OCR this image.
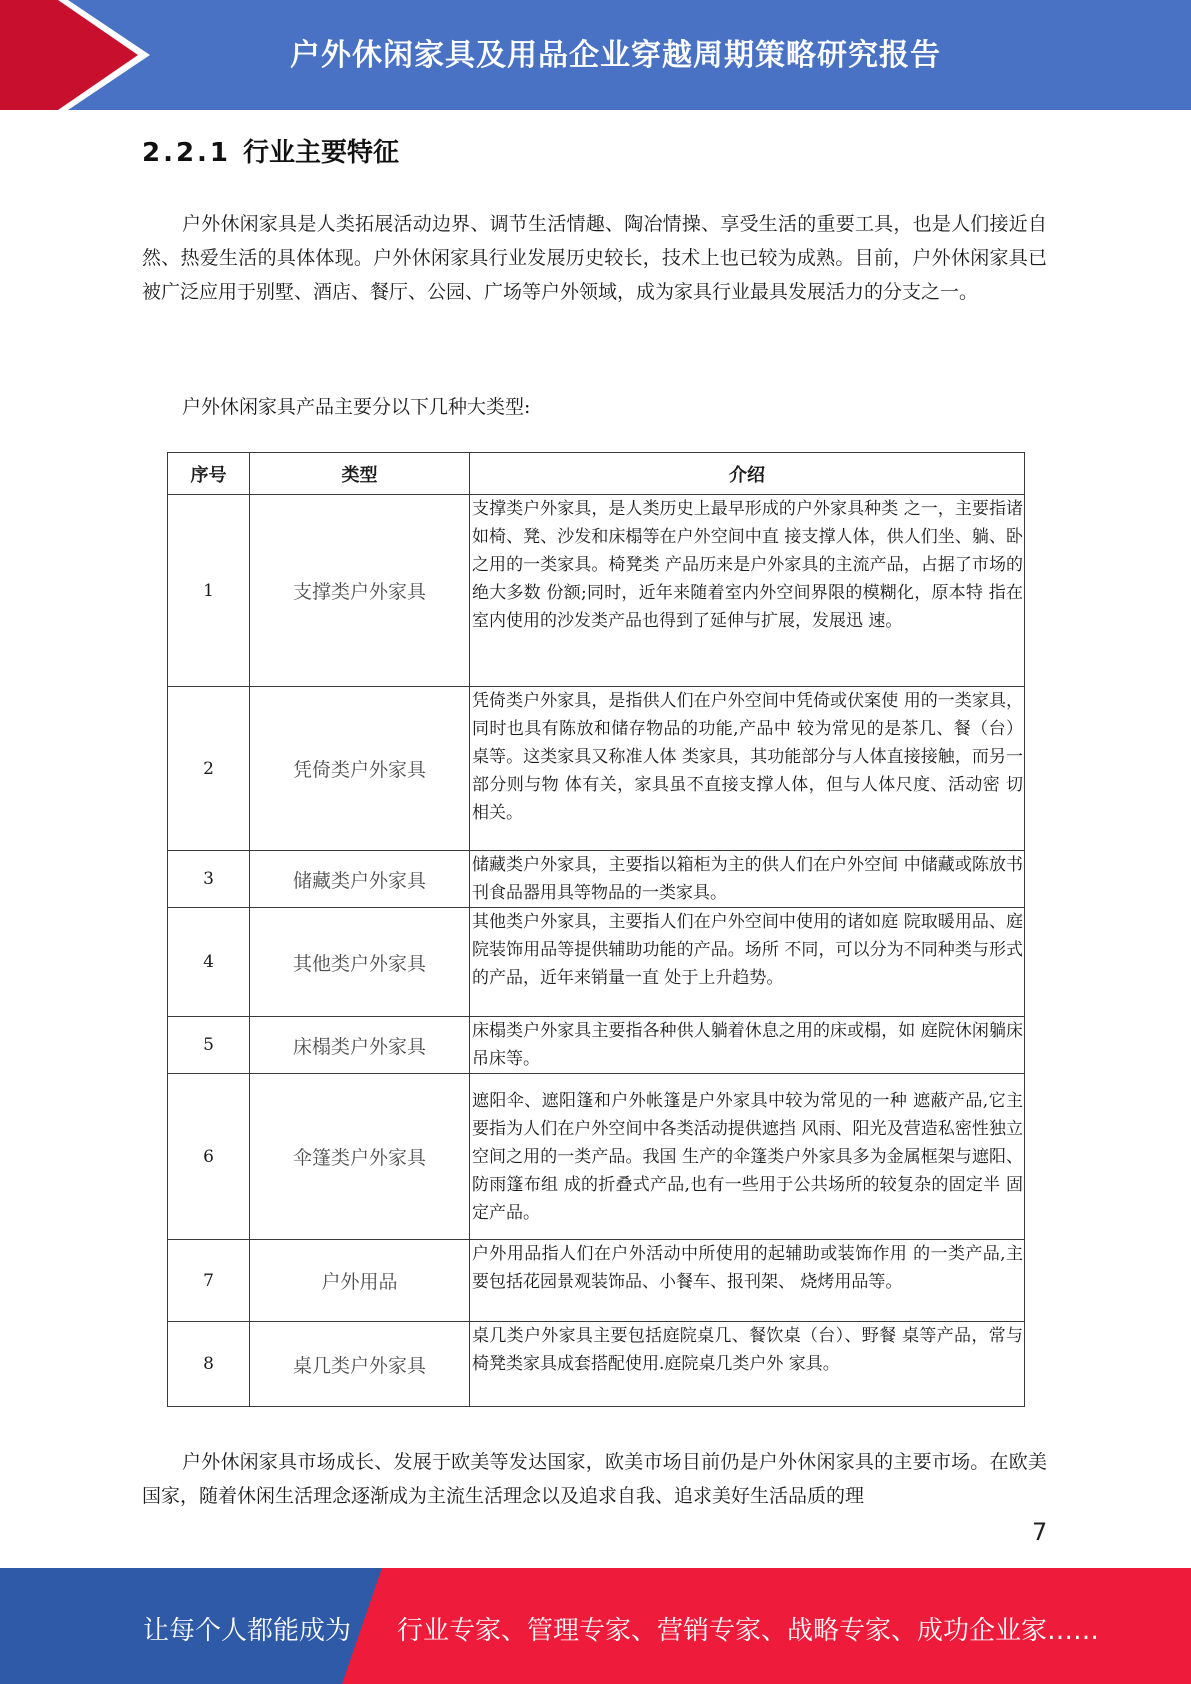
户外休闲家具及用品企业穿越周期策略研究报告
2.2.1 行业主要特征

户外休闲家具是人类拓展活动边界、调节生活情趣、陶冶情操、享受生活的重要工具，也是人们接近自然、热爱生活的具体体现。户外休闲家具行业发展历史较长，技术上也已较为成熟。目前，户外休闲家具已被广泛应用于别墅、酒店、餐厅、公园、广场等户外领域，成为家具行业最具发展活力的分支之一。

户外休闲家具产品主要分以下几种大类型:

序号	类型	介绍
1	支撑类户外家具	支撑类户外家具，是人类历史上最早形成的户外家具种类 之一，主要指诸如椅、凳、沙发和床榻等在户外空间中直 接支撑人体，供人们坐、躺、卧之用的一类家具。椅凳类 产品历来是户外家具的主流产品，占据了市场的绝大多数 份额;同时，近年来随着室内外空间界限的模糊化，原本特 指在室内使用的沙发类产品也得到了延伸与扩展，发展迅 速。
2	凭倚类户外家具	凭倚类户外家具，是指供人们在户外空间中凭倚或伏案使 用的一类家具，同时也具有陈放和储存物品的功能,产品中 较为常见的是茶几、餐（台）桌等。这类家具又称准人体 类家具，其功能部分与人体直接接触，而另一部分则与物 体有关，家具虽不直接支撑人体，但与人体尺度、活动密 切相关。
3	储藏类户外家具	储藏类户外家具，主要指以箱柜为主的供人们在户外空间 中储藏或陈放书刊食品器用具等物品的一类家具。
4	其他类户外家具	其他类户外家具，主要指人们在户外空间中使用的诸如庭 院取暖用品、庭院装饰用品等提供辅助功能的产品。场所 不同，可以分为不同种类与形式的产品，近年来销量一直 处于上升趋势。
5	床榻类户外家具	床榻类户外家具主要指各种供人躺着休息之用的床或榻，如 庭院休闲躺床吊床等。
6	伞篷类户外家具	遮阳伞、遮阳篷和户外帐篷是户外家具中较为常见的一种 遮蔽产品,它主要指为人们在户外空间中各类活动提供遮挡 风雨、阳光及营造私密性独立空间之用的一类产品。我国 生产的伞篷类户外家具多为金属框架与遮阳、防雨篷布组 成的折叠式产品,也有一些用于公共场所的较复杂的固定半 固定产品。
7	户外用品	户外用品指人们在户外活动中所使用的起辅助或装饰作用 的一类产品,主要包括花园景观装饰品、小餐车、报刊架、 烧烤用品等。
8	桌几类户外家具	桌几类户外家具主要包括庭院桌几、餐饮桌（台）、野餐 桌等产品，常与椅凳类家具成套搭配使用.庭院桌几类户外 家具。

户外休闲家具市场成长、发展于欧美等发达国家，欧美市场目前仍是户外休闲家具的主要市场。在欧美国家，随着休闲生活理念逐渐成为主流生活理念以及追求自我、追求美好生活品质的理

7
让每个人都能成为 行业专家、管理专家、营销专家、战略专家、成功企业家……
